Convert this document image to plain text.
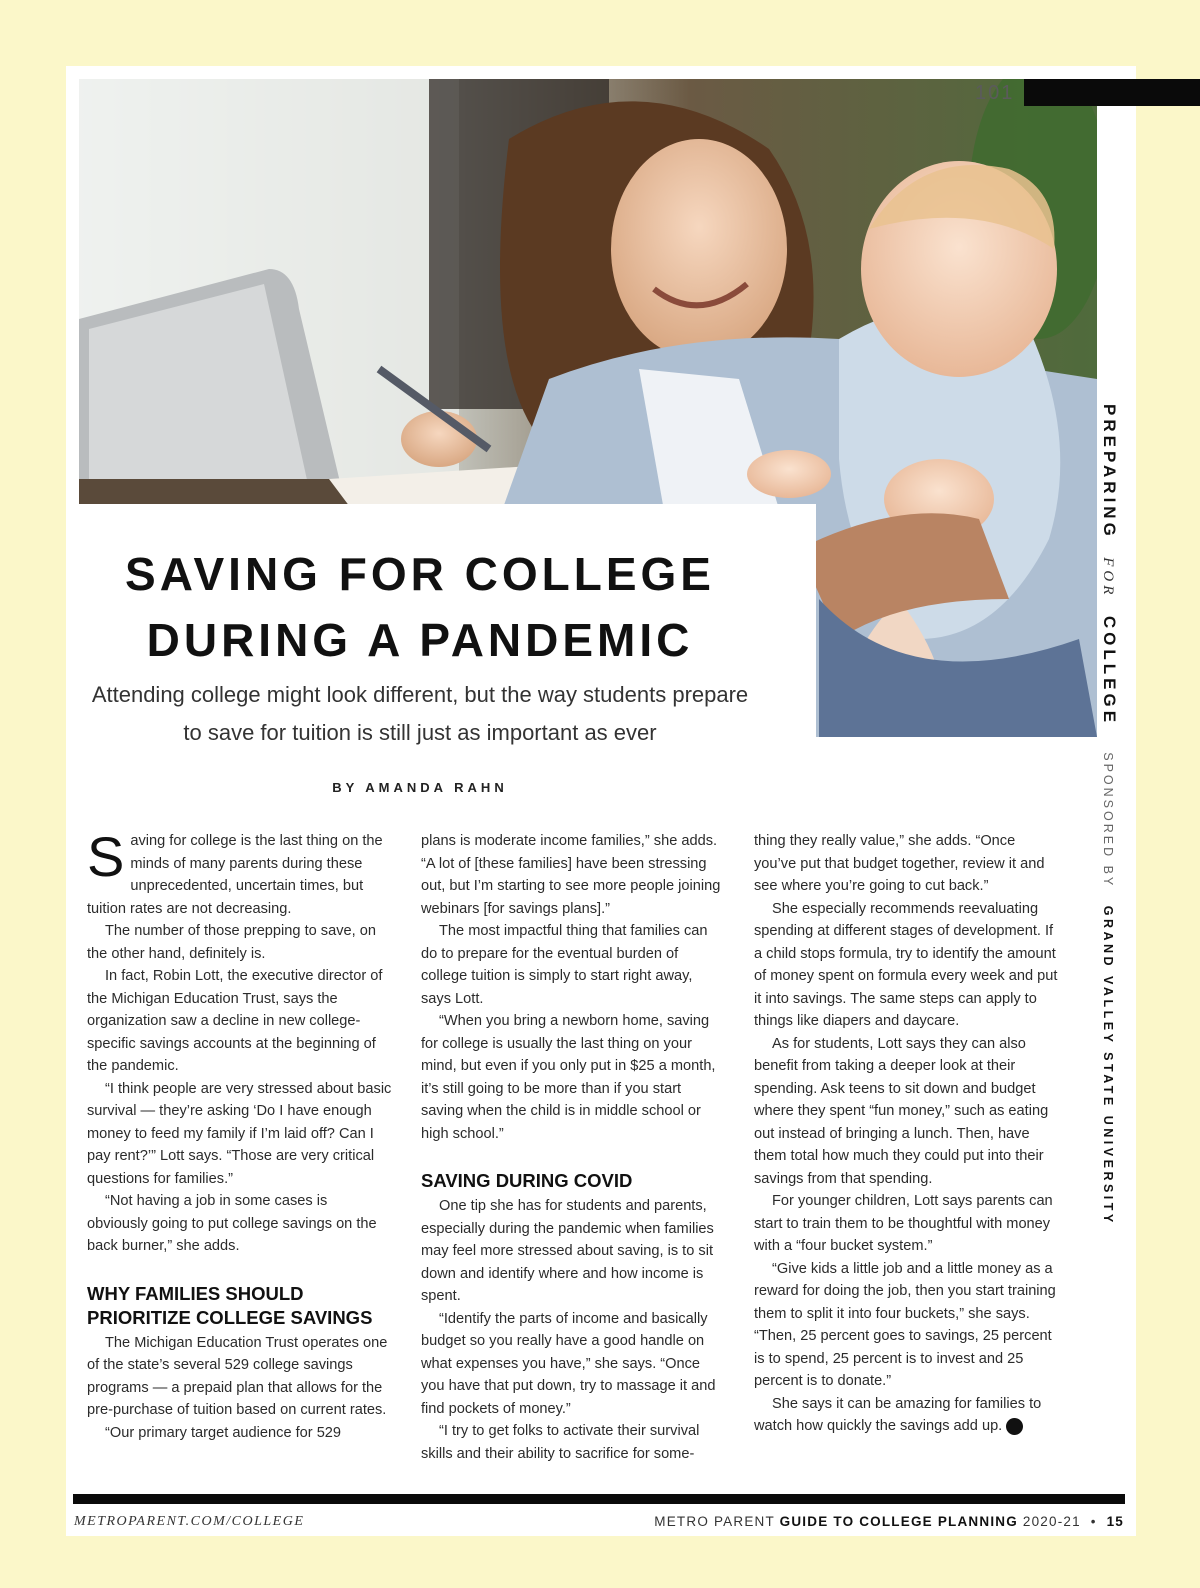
101
SAVING FOR COLLEGE
DURING A PANDEMIC

Attending college might look different, but the way students prepare to save for tuition is still just as important as ever

BY AMANDA RAHN

Saving for college is the last thing on the minds of many parents during these unprecedented, uncertain times, but tuition rates are not decreasing.

The number of those prepping to save, on the other hand, definitely is.

In fact, Robin Lott, the executive director of the Michigan Education Trust, says the organization saw a decline in new college-specific savings accounts at the beginning of the pandemic.

“I think people are very stressed about basic survival — they’re asking ‘Do I have enough money to feed my family if I’m laid off? Can I pay rent?’” Lott says. “Those are very critical questions for families.”

“Not having a job in some cases is obviously going to put college savings on the back burner,” she adds.

WHY FAMILIES SHOULD PRIORITIZE COLLEGE SAVINGS

The Michigan Education Trust operates one of the state’s several 529 college savings programs — a prepaid plan that allows for the pre-purchase of tuition based on current rates.

“Our primary target audience for 529

plans is moderate income families,” she adds. “A lot of [these families] have been stressing out, but I’m starting to see more people joining webinars [for savings plans].”

The most impactful thing that families can do to prepare for the eventual burden of college tuition is simply to start right away, says Lott.

“When you bring a newborn home, saving for college is usually the last thing on your mind, but even if you only put in $25 a month, it’s still going to be more than if you start saving when the child is in middle school or high school.”

SAVING DURING COVID

One tip she has for students and parents, especially during the pandemic when families may feel more stressed about saving, is to sit down and identify where and how income is spent.

“Identify the parts of income and basically budget so you really have a good handle on what expenses you have,” she says. “Once you have that put down, try to massage it and find pockets of money.”

“I try to get folks to activate their survival skills and their ability to sacrifice for some-

thing they really value,” she adds. “Once you’ve put that budget together, review it and see where you’re going to cut back.”

She especially recommends reevaluating spending at different stages of development. If a child stops formula, try to identify the amount of money spent on formula every week and put it into savings. The same steps can apply to things like diapers and daycare.

As for students, Lott says they can also benefit from taking a deeper look at their spending. Ask teens to sit down and budget where they spent “fun money,” such as eating out instead of bringing a lunch. Then, have them total how much they could put into their savings from that spending.

For younger children, Lott says parents can start to train them to be thoughtful with money with a “four bucket system.”

“Give kids a little job and a little money as a reward for doing the job, then you start training them to split it into four buckets,” she says. “Then, 25 percent goes to savings, 25 percent is to spend, 25 percent is to invest and 25 percent is to donate.”

She says it can be amazing for families to watch how quickly the savings add up. C

PREPARING  FOR  COLLEGE   SPONSORED BY  GRAND VALLEY STATE UNIVERSITY
METROPARENT.COM/COLLEGE	METRO PARENT GUIDE TO COLLEGE PLANNING 2020-21 • 15
